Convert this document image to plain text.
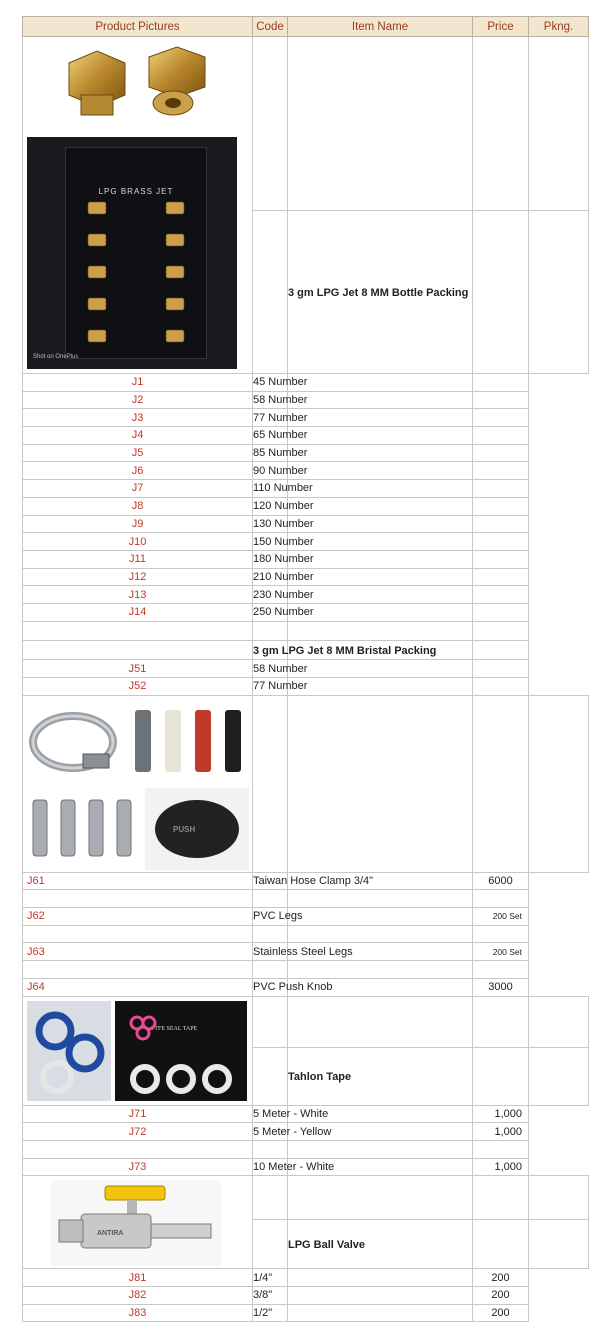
Product Pictures	Code	Item Name	Price	Pkng.

LPG BRASS JET
Shot on OnePlus				

		3 gm LPG Jet 8 MM Bottle Packing		
J1	45 Number			
J2	58 Number			
J3	77 Number			
J4	65 Number			
J5	85 Number			
J6	90 Number			
J7	110 Number			
J8	120 Number			
J9	130 Number			
J10	150 Number			
J11	180 Number			
J12	210 Number			
J13	230 Number			
J14	250 Number			

	3 gm LPG Jet 8 MM Bristal Packing			
J51	58 Number			
J52	77 Number			

PUSH				

J61	Taiwan Hose Clamp 3/4"		6000	

J62	PVC Legs		200 Set	

J63	Stainless Steel Legs		200 Set	

J64	PVC Push Knob		3000	

PTFE SEAL TAPE				

		Tahlon Tape		
J71	5 Meter - White		1,000	
J72	5 Meter - Yellow		1,000	

J73	10 Meter - White		1,000	

ANTIRA				

		LPG Ball Valve		
J81	1/4"		200	
J82	3/8"		200	
J83	1/2"		200	
